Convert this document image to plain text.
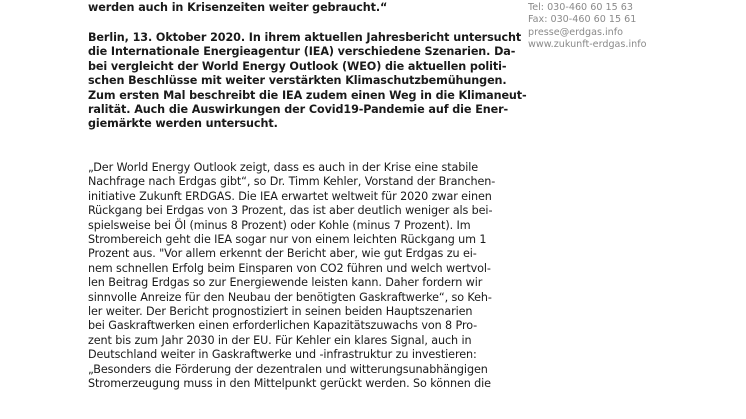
werden auch in Krisenzeiten weiter gebraucht.“
Berlin, 13. Oktober 2020. In ihrem aktuellen Jahresbericht untersucht
die Internationale Energieagentur (IEA) verschiedene Szenarien. Da-
bei vergleicht der World Energy Outlook (WEO) die aktuellen politi-
schen Beschlüsse mit weiter verstärkten Klimaschutzbemühungen.
Zum ersten Mal beschreibt die IEA zudem einen Weg in die Klimaneut-
ralität. Auch die Auswirkungen der Covid19-Pandemie auf die Ener-
giemärkte werden untersucht.
„Der World Energy Outlook zeigt, dass es auch in der Krise eine stabile
Nachfrage nach Erdgas gibt“, so Dr. Timm Kehler, Vorstand der Branchen-
initiative Zukunft ERDGAS. Die IEA erwartet weltweit für 2020 zwar einen
Rückgang bei Erdgas von 3 Prozent, das ist aber deutlich weniger als bei-
spielsweise bei Öl (minus 8 Prozent) oder Kohle (minus 7 Prozent). Im
Strombereich geht die IEA sogar nur von einem leichten Rückgang um 1
Prozent aus. "Vor allem erkennt der Bericht aber, wie gut Erdgas zu ei-
nem schnellen Erfolg beim Einsparen von CO2 führen und welch wertvol-
len Beitrag Erdgas so zur Energiewende leisten kann. Daher fordern wir
sinnvolle Anreize für den Neubau der benötigten Gaskraftwerke“, so Keh-
ler weiter. Der Bericht prognostiziert in seinen beiden Hauptszenarien
bei Gaskraftwerken einen erforderlichen Kapazitätszuwachs von 8 Pro-
zent bis zum Jahr 2030 in der EU. Für Kehler ein klares Signal, auch in
Deutschland weiter in Gaskraftwerke und -infrastruktur zu investieren:
„Besonders die Förderung der dezentralen und witterungsunabhängigen
Stromerzeugung muss in den Mittelpunkt gerückt werden. So können die
Tel: 030-460 60 15 63
Fax: 030-460 60 15 61
presse@erdgas.info
www.zukunft-erdgas.info
